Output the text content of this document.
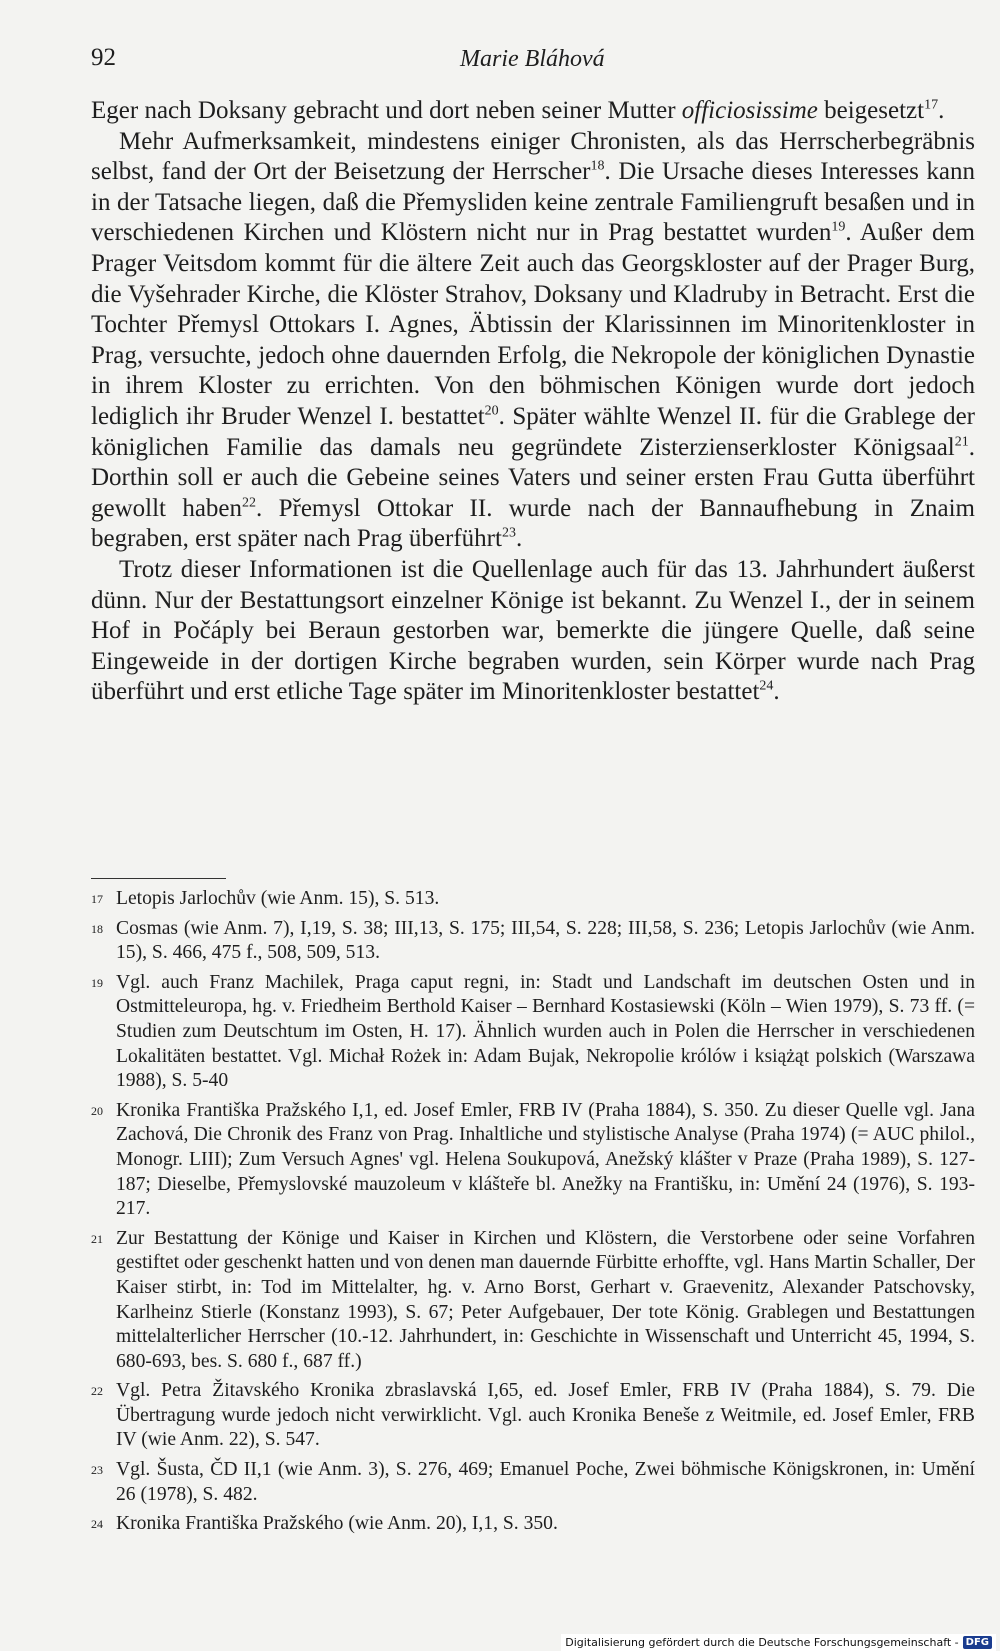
92	Marie Bláhová

Eger nach Doksany gebracht und dort neben seiner Mutter officiosissime beigesetzt$^{17}$.

Mehr Aufmerksamkeit, mindestens einiger Chronisten, als das Herrscherbegräbnis selbst, fand der Ort der Beisetzung der Herrscher$^{18}$. Die Ursache dieses Interesses kann in der Tatsache liegen, daß die Přemysliden keine zentrale Familiengruft besaßen und in verschiedenen Kirchen und Klöstern nicht nur in Prag bestattet wurden$^{19}$. Außer dem Prager Veitsdom kommt für die ältere Zeit auch das Georgskloster auf der Prager Burg, die Vyšehrader Kirche, die Klöster Strahov, Doksany und Kladruby in Betracht. Erst die Tochter Přemysl Ottokars I. Agnes, Äbtissin der Klarissinnen im Minoritenkloster in Prag, versuchte, jedoch ohne dauernden Erfolg, die Nekropole der königlichen Dynastie in ihrem Kloster zu errichten. Von den böhmischen Königen wurde dort jedoch lediglich ihr Bruder Wenzel I. bestattet$^{20}$. Später wählte Wenzel II. für die Grablege der königlichen Familie das damals neu gegründete Zisterzienserkloster Königsaal$^{21}$. Dorthin soll er auch die Gebeine seines Vaters und seiner ersten Frau Gutta überführt gewollt haben$^{22}$. Přemysl Ottokar II. wurde nach der Bannaufhebung in Znaim begraben, erst später nach Prag überführt$^{23}$.

Trotz dieser Informationen ist die Quellenlage auch für das 13. Jahrhundert äußerst dünn. Nur der Bestattungsort einzelner Könige ist bekannt. Zu Wenzel I., der in seinem Hof in Počáply bei Beraun gestorben war, bemerkte die jüngere Quelle, daß seine Eingeweide in der dortigen Kirche begraben wurden, sein Körper wurde nach Prag überführt und erst etliche Tage später im Minoritenkloster bestattet$^{24}$.

17 Letopis Jarlochův (wie Anm. 15), S. 513.
18 Cosmas (wie Anm. 7), I,19, S. 38; III,13, S. 175; III,54, S. 228; III,58, S. 236; Letopis Jarlochův (wie Anm. 15), S. 466, 475 f., 508, 509, 513.
19 Vgl. auch Franz Machilek, Praga caput regni, in: Stadt und Landschaft im deutschen Osten und in Ostmitteleuropa, hg. v. Friedheim Berthold Kaiser – Bernhard Kostasiewski (Köln – Wien 1979), S. 73 ff. (= Studien zum Deutschtum im Osten, H. 17). Ähnlich wurden auch in Polen die Herrscher in verschiedenen Lokalitäten bestattet. Vgl. Michał Rożek in: Adam Bujak, Nekropolie królów i książąt polskich (Warszawa 1988), S. 5-40
20 Kronika Františka Pražského I,1, ed. Josef Emler, FRB IV (Praha 1884), S. 350. Zu dieser Quelle vgl. Jana Zachová, Die Chronik des Franz von Prag. Inhaltliche und stylistische Analyse (Praha 1974) (= AUC philol., Monogr. LIII); Zum Versuch Agnes' vgl. Helena Soukupová, Anežský klášter v Praze (Praha 1989), S. 127-187; Dieselbe, Přemyslovské mauzoleum v klášteře bl. Anežky na Františku, in: Umění 24 (1976), S. 193-217.
21 Zur Bestattung der Könige und Kaiser in Kirchen und Klöstern, die Verstorbene oder seine Vorfahren gestiftet oder geschenkt hatten und von denen man dauernde Fürbitte erhoffte, vgl. Hans Martin Schaller, Der Kaiser stirbt, in: Tod im Mittelalter, hg. v. Arno Borst, Gerhart v. Graevenitz, Alexander Patschovsky, Karlheinz Stierle (Konstanz 1993), S. 67; Peter Aufgebauer, Der tote König. Grablegen und Bestattungen mittelalterlicher Herrscher (10.-12. Jahrhundert, in: Geschichte in Wissenschaft und Unterricht 45, 1994, S. 680-693, bes. S. 680 f., 687 ff.)
22 Vgl. Petra Žitavského Kronika zbraslavská I,65, ed. Josef Emler, FRB IV (Praha 1884), S. 79. Die Übertragung wurde jedoch nicht verwirklicht. Vgl. auch Kronika Beneše z Weitmile, ed. Josef Emler, FRB IV (wie Anm. 22), S. 547.
23 Vgl. Šusta, ČD II,1 (wie Anm. 3), S. 276, 469; Emanuel Poche, Zwei böhmische Königskronen, in: Umění 26 (1978), S. 482.
24 Kronika Františka Pražského (wie Anm. 20), I,1, S. 350.
Digitalisierung gefördert durch die Deutsche Forschungsgemeinschaft - DFG
